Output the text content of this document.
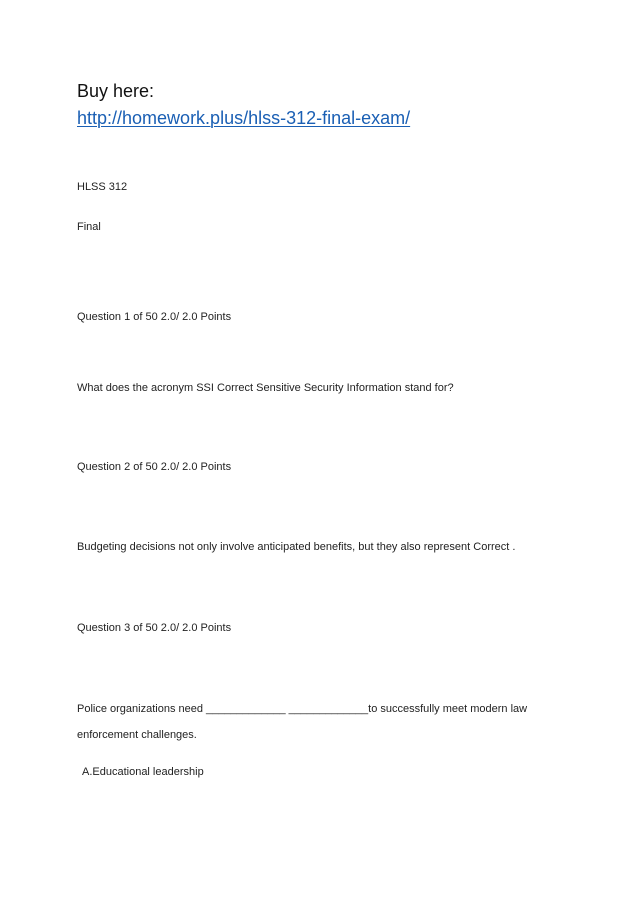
Buy here:
http://homework.plus/hlss-312-final-exam/
HLSS 312
Final
Question 1 of 50 2.0/ 2.0 Points
What does the acronym SSI Correct Sensitive Security Information stand for?
Question 2 of 50 2.0/ 2.0 Points
Budgeting decisions not only involve anticipated benefits, but they also represent Correct .
Question 3 of 50 2.0/ 2.0 Points
Police organizations need _____________ _____________to successfully meet modern law
enforcement challenges.
A.Educational leadership
